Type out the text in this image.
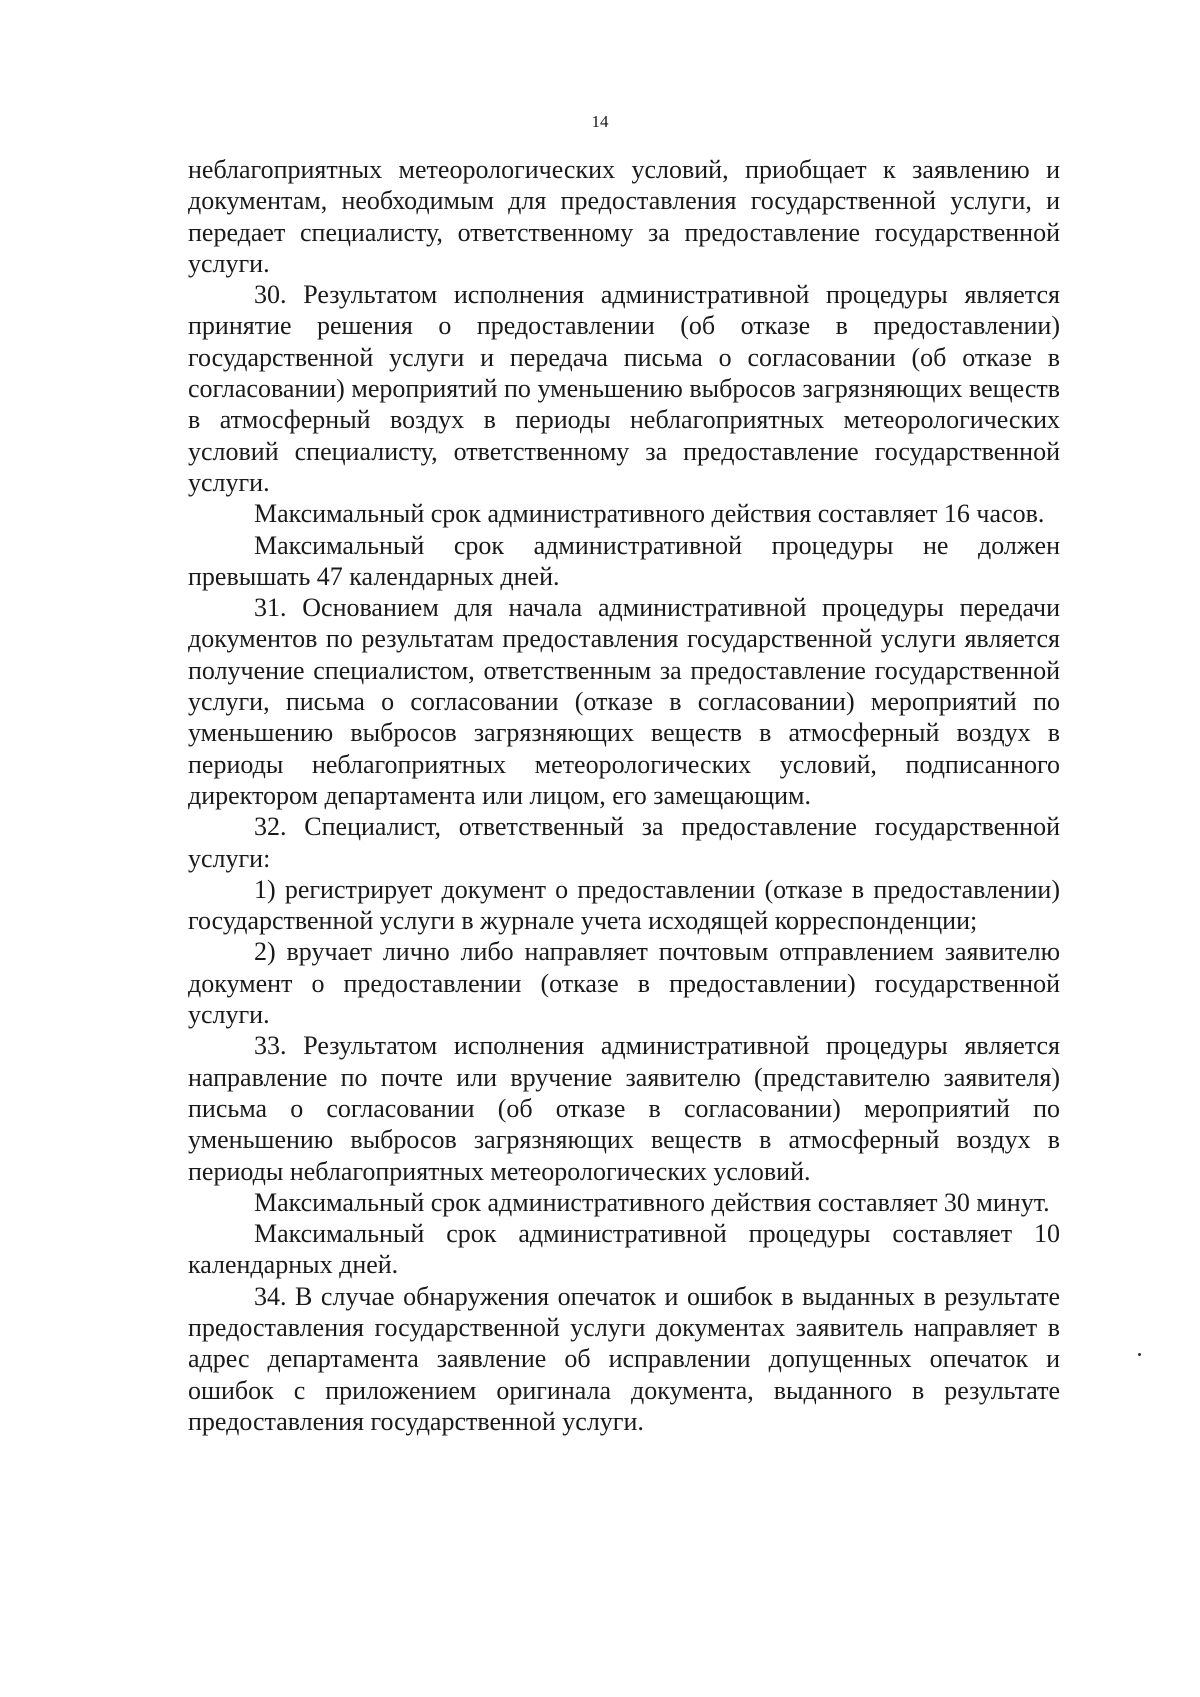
14

неблагоприятных метеорологических условий, приобщает к заявлению и документам, необходимым для предоставления государственной услуги, и передает специалисту, ответственному за предоставление государственной услуги.

30. Результатом исполнения административной процедуры является принятие решения о предоставлении (об отказе в предоставлении) государственной услуги и передача письма о согласовании (об отказе в согласовании) мероприятий по уменьшению выбросов загрязняющих веществ в атмосферный воздух в периоды неблагоприятных метеорологических условий специалисту, ответственному за предоставление государственной услуги.

Максимальный срок административного действия составляет 16 часов.

Максимальный срок административной процедуры не должен превышать 47 календарных дней.

31. Основанием для начала административной процедуры передачи документов по результатам предоставления государственной услуги является получение специалистом, ответственным за предоставление государственной услуги, письма о согласовании (отказе в согласовании) мероприятий по уменьшению выбросов загрязняющих веществ в атмосферный воздух в периоды неблагоприятных метеорологических условий, подписанного директором департамента или лицом, его замещающим.

32. Специалист, ответственный за предоставление государственной услуги:

1) регистрирует документ о предоставлении (отказе в предоставлении) государственной услуги в журнале учета исходящей корреспонденции;

2) вручает лично либо направляет почтовым отправлением заявителю документ о предоставлении (отказе в предоставлении) государственной услуги.

33. Результатом исполнения административной процедуры является направление по почте или вручение заявителю (представителю заявителя) письма о согласовании (об отказе в согласовании) мероприятий по уменьшению выбросов загрязняющих веществ в атмосферный воздух в периоды неблагоприятных метеорологических условий.

Максимальный срок административного действия составляет 30 минут.

Максимальный срок административной процедуры составляет 10 календарных дней.

34. В случае обнаружения опечаток и ошибок в выданных в результате предоставления государственной услуги документах заявитель направляет в адрес департамента заявление об исправлении допущенных опечаток и ошибок с приложением оригинала документа, выданного в результате предоставления государственной услуги.
